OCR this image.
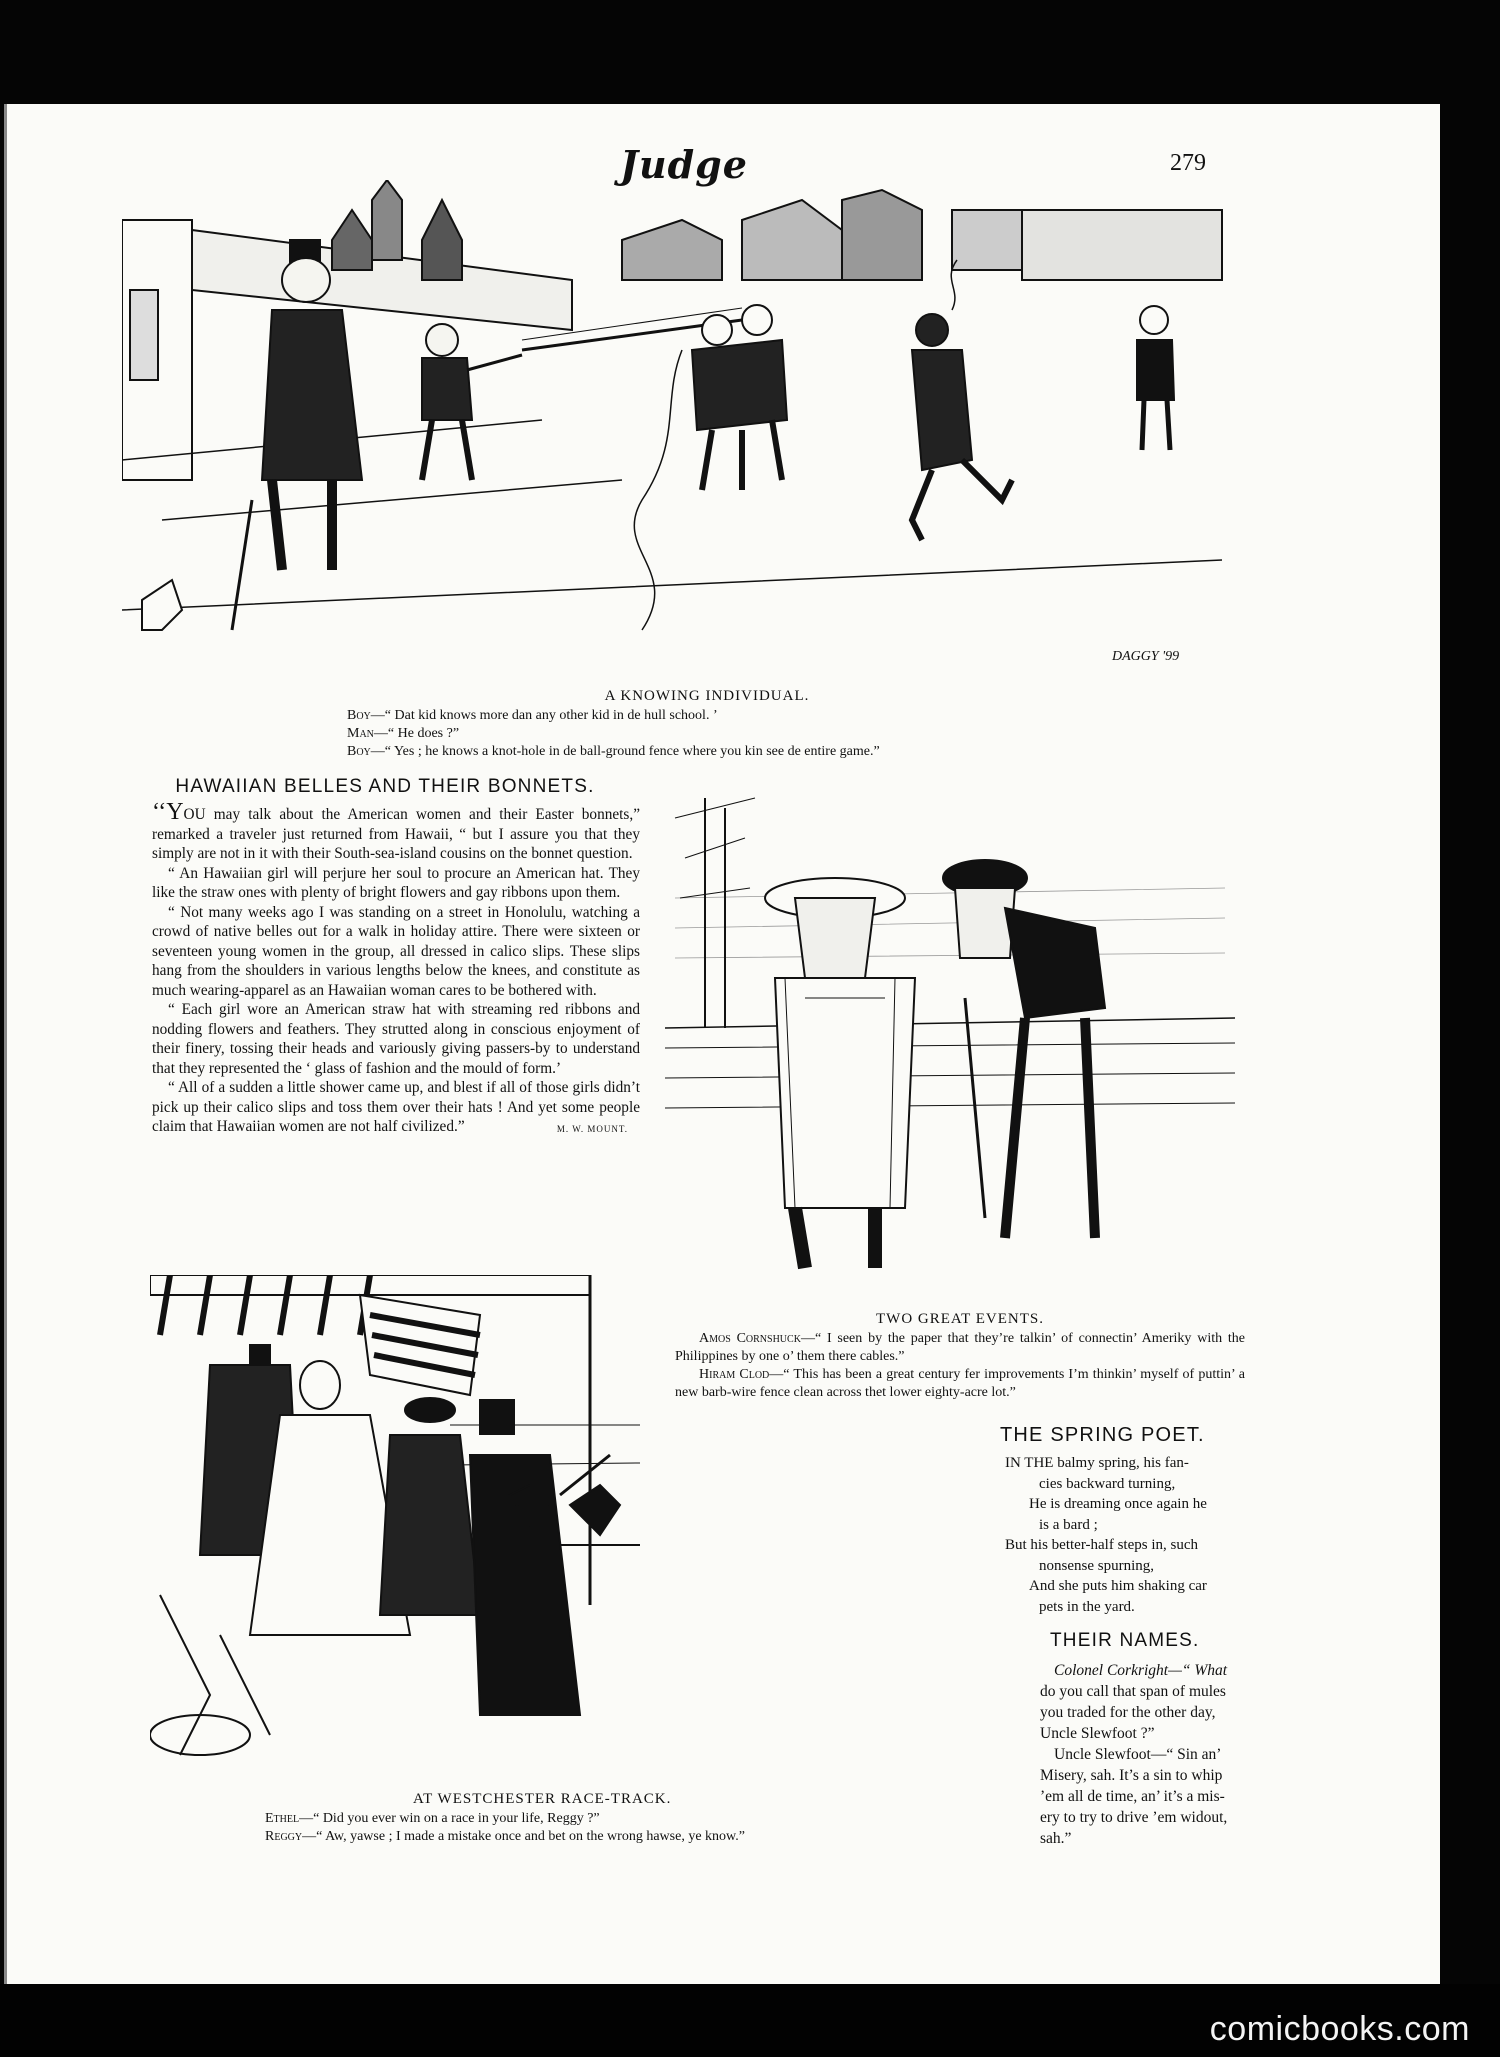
Judge	279
DAGGY '99
A KNOWING INDIVIDUAL.
Boy—“ Dat kid knows more dan any other kid in de hull school. ’
Man—“ He does ?”
Boy—“ Yes ; he knows a knot-hole in de ball-ground fence where you kin see de entire game.”
HAWAIIAN BELLES AND THEIR BONNETS.

‘‘YOU may talk about the American women and their Easter bonnets,” remarked a traveler just returned from Hawaii, “ but I assure you that they simply are not in it with their South-sea-island cousins on the bonnet question.

“ An Hawaiian girl will perjure her soul to procure an American hat. They like the straw ones with plenty of bright flowers and gay ribbons upon them.

“ Not many weeks ago I was standing on a street in Honolulu, watching a crowd of native belles out for a walk in holiday attire. There were sixteen or seventeen young women in the group, all dressed in calico slips. These slips hang from the shoulders in various lengths below the knees, and constitute as much wearing-apparel as an Hawaiian woman cares to be bothered with.

“ Each girl wore an American straw hat with streaming red ribbons and nodding flowers and feathers. They strutted along in conscious enjoyment of their finery, tossing their heads and variously giving passers-by to understand that they represented the ‘ glass of fashion and the mould of form.’

“ All of a sudden a little shower came up, and blest if all of those girls didn’t pick up their calico slips and toss them over their hats ! And yet some people claim that Hawaiian women are not half civilized.”	M. W. MOUNT.
TWO GREAT EVENTS.
Amos Cornshuck—“ I seen by the paper that they’re talkin’ of connectin’ Ameriky with the Philippines by one o’ them there cables.”
Hiram Clod—“ This has been a great century fer improvements I’m thinkin’ myself of puttin’ a new barb-wire fence clean across thet lower eighty-acre lot.”
AT WESTCHESTER RACE-TRACK.
Ethel—“ Did you ever win on a race in your life, Reggy ?”
Reggy—“ Aw, yawse ; I made a mistake once and bet on the wrong hawse, ye know.”
THE SPRING POET.
IN THE balmy spring, his fan-
cies backward turning,
He is dreaming once again he
is a bard ;
But his better-half steps in, such
nonsense spurning,
And she puts him shaking car
pets in the yard.
THEIR NAMES.
Colonel Corkright—“ What
do you call that span of mules
you traded for the other day,
Uncle Slewfoot ?”
Uncle Slewfoot—“ Sin an’
Misery, sah. It’s a sin to whip
’em all de time, an’ it’s a mis-
ery to try to drive ’em widout,
sah.”
comicbooks.com
